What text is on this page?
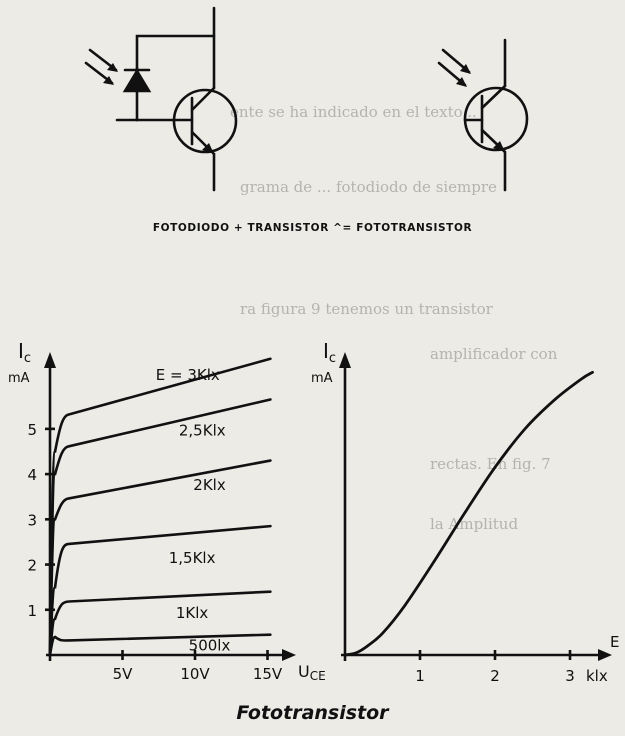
ente se ha indicado en el texto...
grama de ... fotodiodo de siempre
ra figura 9 tenemos un transistor
amplificador con
rectas. En fig. 7
la Amplitud
FOTODIODO + TRANSISTOR ^= FOTOTRANSISTOR
5V	10V	15V
1
2
3
4
5
$I_c$
mA
UCE
500lx
1Klx
1,5Klx
2Klx
2,5Klx
E = 3Klx
1	2	3
$I_c$
mA
E
klx
Fototransistor
